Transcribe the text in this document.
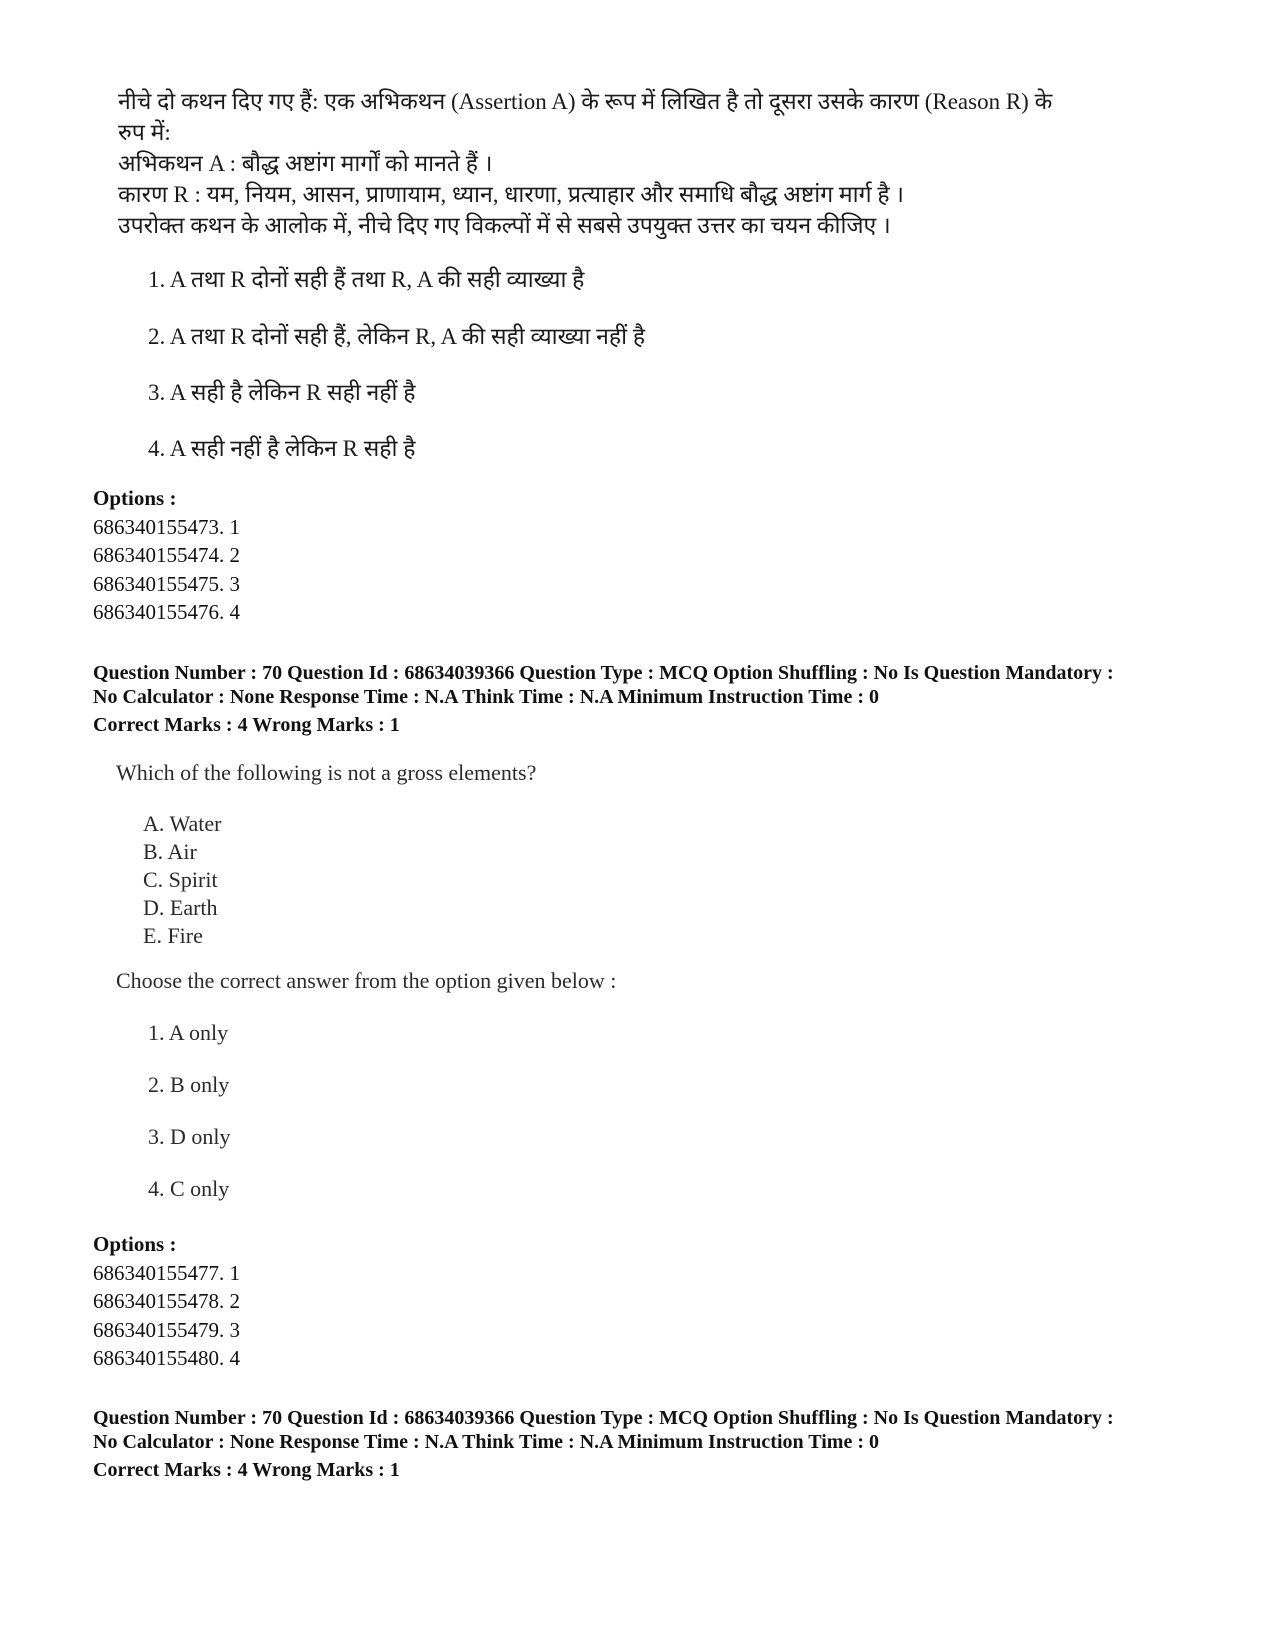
नीचे दो कथन दिए गए हैं: एक अभिकथन (Assertion A) के रूप में लिखित है तो दूसरा उसके कारण (Reason R) के

रुप में:

अभिकथन A : बौद्ध अष्टांग मार्गों को मानते हैं ।

कारण R : यम, नियम, आसन, प्राणायाम, ध्यान, धारणा, प्रत्याहार और समाधि बौद्ध अष्टांग मार्ग है ।

उपरोक्त कथन के आलोक में, नीचे दिए गए विकल्पों में से सबसे उपयुक्त उत्तर का चयन कीजिए ।

1. A तथा R दोनों सही हैं तथा R, A की सही व्याख्या है
2. A तथा R दोनों सही हैं, लेकिन R, A की सही व्याख्या नहीं है
3. A सही है लेकिन R सही नहीं है
4. A सही नहीं है लेकिन R सही है
Options :
686340155473. 1
686340155474. 2
686340155475. 3
686340155476. 4
Question Number : 70 Question Id : 68634039366 Question Type : MCQ Option Shuffling : No Is Question Mandatory :
No Calculator : None Response Time : N.A Think Time : N.A Minimum Instruction Time : 0
Correct Marks : 4 Wrong Marks : 1
Which of the following is not a gross elements?
A. Water
B. Air
C. Spirit
D. Earth
E. Fire
Choose the correct answer from the option given below :
1. A only
2. B only
3. D only
4. C only
Options :
686340155477. 1
686340155478. 2
686340155479. 3
686340155480. 4
Question Number : 70 Question Id : 68634039366 Question Type : MCQ Option Shuffling : No Is Question Mandatory :
No Calculator : None Response Time : N.A Think Time : N.A Minimum Instruction Time : 0
Correct Marks : 4 Wrong Marks : 1
